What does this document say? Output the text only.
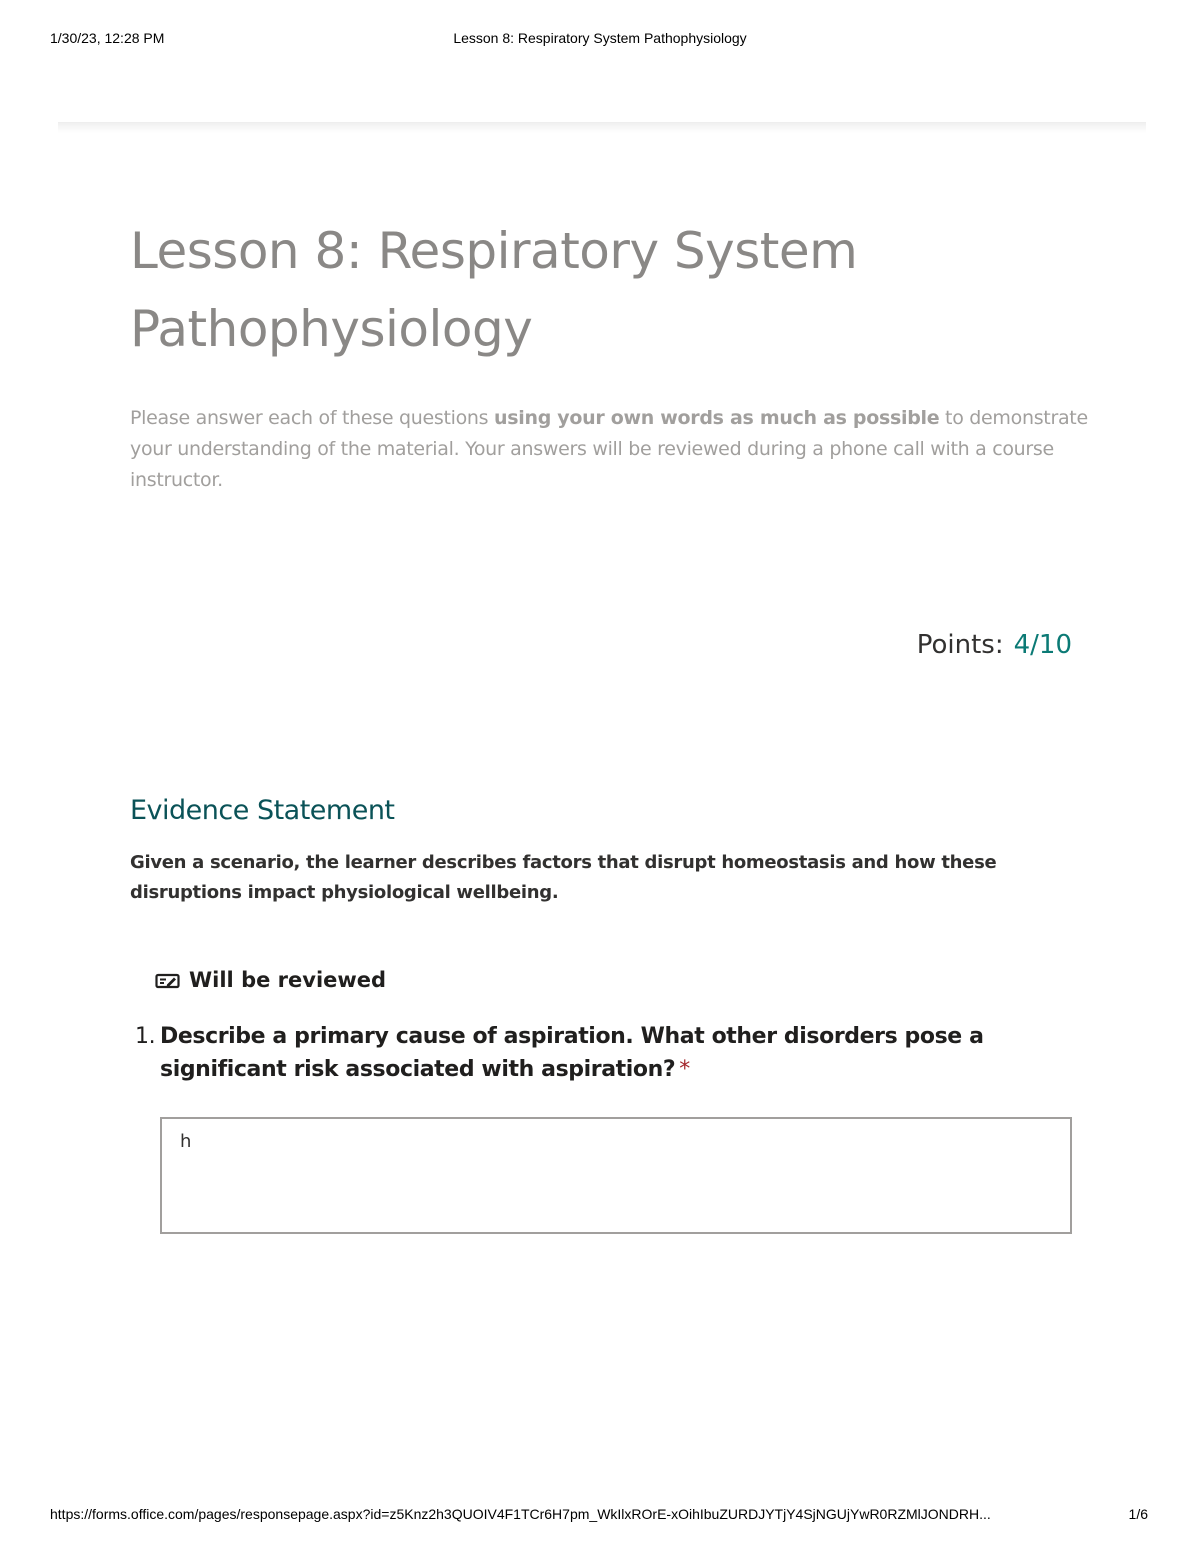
1/30/23, 12:28 PM	Lesson 8: Respiratory System Pathophysiology
Lesson 8: Respiratory System Pathophysiology
Please answer each of these questions using your own words as much as possible to demonstrate your understanding of the material. Your answers will be reviewed during a phone call with a course instructor.
Points: 4/10
Evidence Statement
Given a scenario, the learner describes factors that disrupt homeostasis and how these disruptions impact physiological wellbeing.
Will be reviewed
1. Describe a primary cause of aspiration. What other disorders pose a significant risk associated with aspiration? *
h
https://forms.office.com/pages/responsepage.aspx?id=z5Knz2h3QUOIV4F1TCr6H7pm_WkIlxROrE-xOihIbuZURDJYTjY4SjNGUjYwR0RZMlJONDRH...	1/6
